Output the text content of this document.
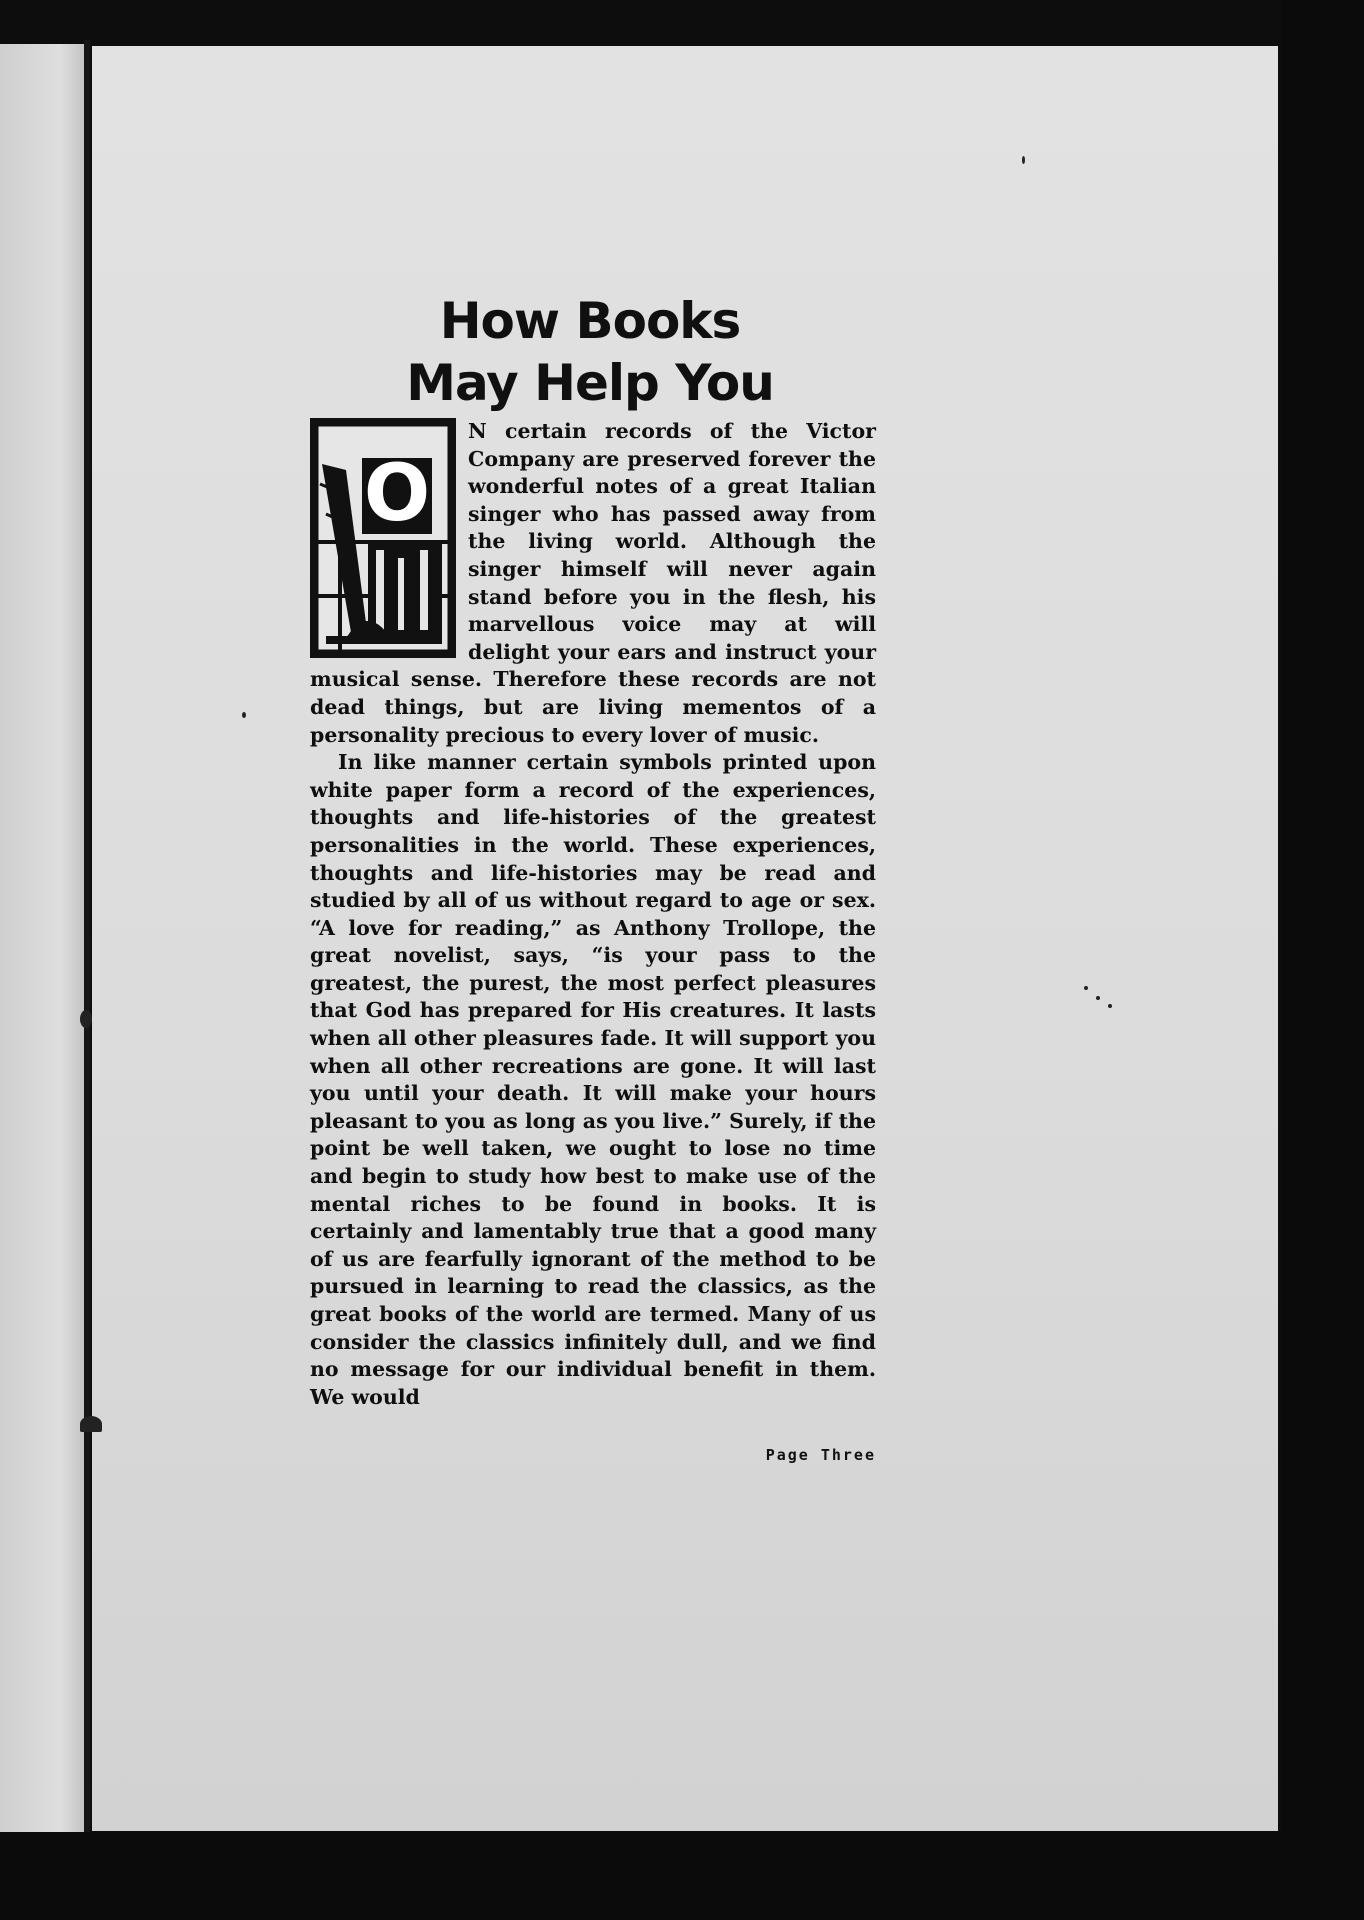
How Books
May Help You
O

N certain records of the Victor Company are preserved forever the wonderful notes of a great Italian singer who has passed away from the living world. Although the singer himself will never again stand before you in the flesh, his marvellous voice may at will delight your ears and instruct your musical sense. Therefore these records are not dead things, but are living mementos of a personality precious to every lover of music.

In like manner certain symbols printed upon white paper form a record of the experiences, thoughts and life-histories of the greatest personalities in the world. These experiences, thoughts and life-histories may be read and studied by all of us without regard to age or sex. “A love for reading,” as Anthony Trollope, the great novelist, says, “is your pass to the greatest, the purest, the most perfect pleasures that God has prepared for His creatures. It lasts when all other pleasures fade. It will support you when all other recreations are gone. It will last you until your death. It will make your hours pleasant to you as long as you live.” Surely, if the point be well taken, we ought to lose no time and begin to study how best to make use of the mental riches to be found in books. It is certainly and lamentably true that a good many of us are fearfully ignorant of the method to be pursued in learning to read the classics, as the great books of the world are termed. Many of us consider the classics infinitely dull, and we find no message for our individual benefit in them. We would

Page Three
